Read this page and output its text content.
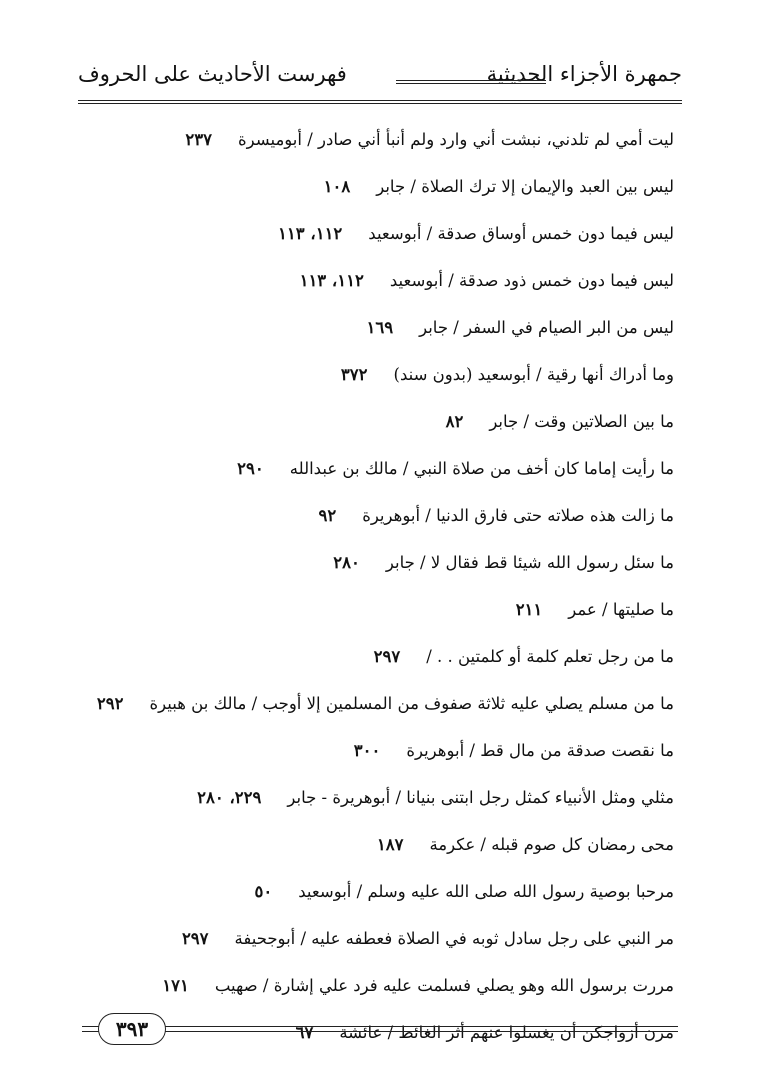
جمهرة الأجزاء الحديثية
فهرست الأحاديث على الحروف
ليت أمي لم تلدني، نبشت أني وارد ولم أنبأ أني صادر / أبوميسرة٢٣٧
ليس بين العبد والإيمان إلا ترك الصلاة / جابر١٠٨
ليس فيما دون خمس أوساق صدقة / أبوسعيد١١٢، ١١٣
ليس فيما دون خمس ذود صدقة / أبوسعيد١١٢، ١١٣
ليس من البر الصيام في السفر / جابر١٦٩
وما أدراك أنها رقية / أبوسعيد (بدون سند)٣٧٢
ما بين الصلاتين وقت / جابر٨٢
ما رأيت إماما كان أخف من صلاة النبي / مالك بن عبدالله٢٩٠
ما زالت هذه صلاته حتى فارق الدنيا / أبوهريرة٩٢
ما سئل رسول الله شيئا قط فقال لا / جابر٢٨٠
ما صليتها / عمر٢١١
ما من رجل تعلم كلمة أو كلمتين . . /٢٩٧
ما من مسلم يصلي عليه ثلاثة صفوف من المسلمين إلا أوجب / مالك بن هبيرة٢٩٢
ما نقصت صدقة من مال قط / أبوهريرة٣٠٠
مثلي ومثل الأنبياء كمثل رجل ابتنى بنيانا / أبوهريرة - جابر٢٢٩، ٢٨٠
محى رمضان كل صوم قبله / عكرمة١٨٧
مرحبا بوصية رسول الله صلى الله عليه وسلم / أبوسعيد٥٠
مر النبي على رجل سادل ثوبه في الصلاة فعطفه عليه / أبوجحيفة٢٩٧
مررت برسول الله وهو يصلي فسلمت عليه فرد علي إشارة / صهيب١٧١
مرن أزواجكن أن يغسلوا عنهم أثر الغائط / عائشة٦٧
٣٩٣
